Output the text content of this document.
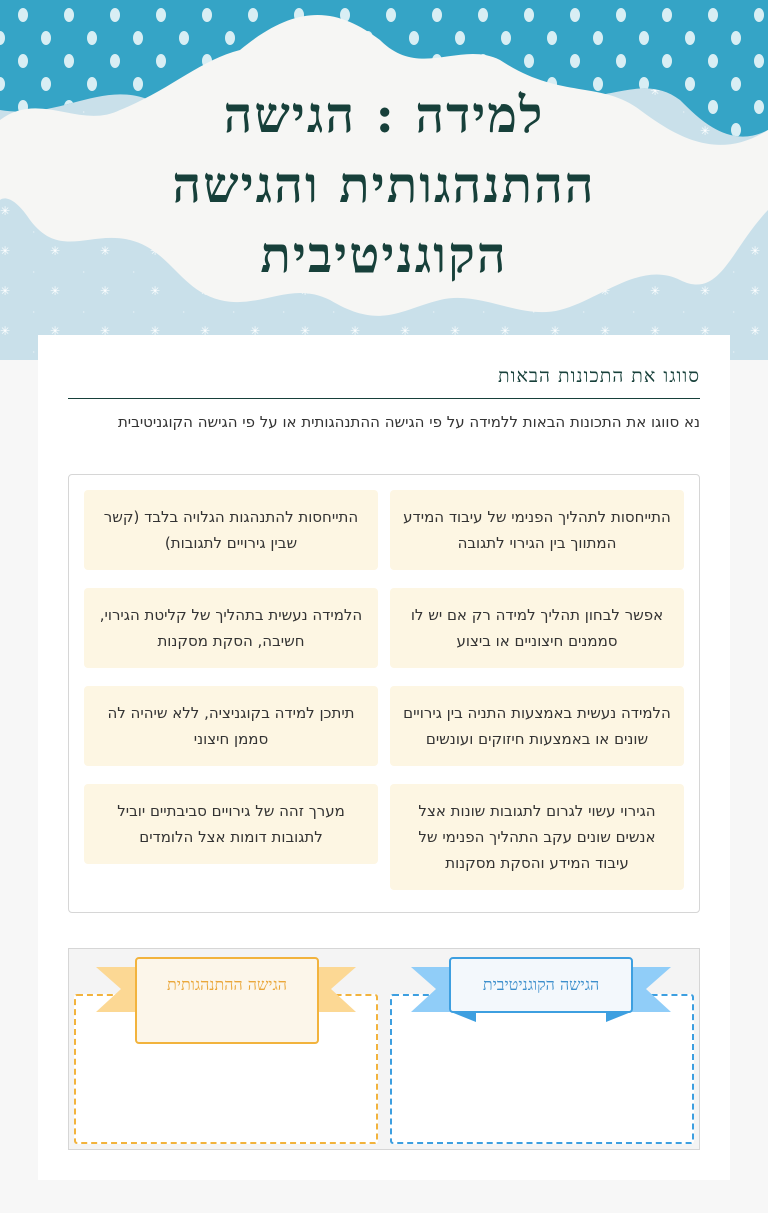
למידה : הגישה ההתנהגותית והגישה הקוגניטיבית
סווגו את התכונות הבאות
נא סווגו את התכונות הבאות ללמידה על פי הגישה ההתנהגותית או על פי הגישה הקוגניטיבית
התייחסות לתהליך הפנימי של עיבוד המידע המתווך בין הגירוי לתגובה
התייחסות להתנהגות הגלויה בלבד (קשר שבין גירויים לתגובות)
אפשר לבחון תהליך למידה רק אם יש לו סממנים חיצוניים או ביצוע
הלמידה נעשית בתהליך של קליטת הגירוי, חשיבה, הסקת מסקנות
הלמידה נעשית באמצעות התניה בין גירויים שונים או באמצעות חיזוקים ועונשים
תיתכן למידה בקוגניציה, ללא שיהיה לה סממן חיצוני
הגירוי עשוי לגרום לתגובות שונות אצל אנשים שונים עקב התהליך הפנימי של עיבוד המידע והסקת מסקנות
מערך זהה של גירויים סביבתיים יוביל לתגובות דומות אצל הלומדים
הגישה הקוגניטיבית
הגישה ההתנהגותית
